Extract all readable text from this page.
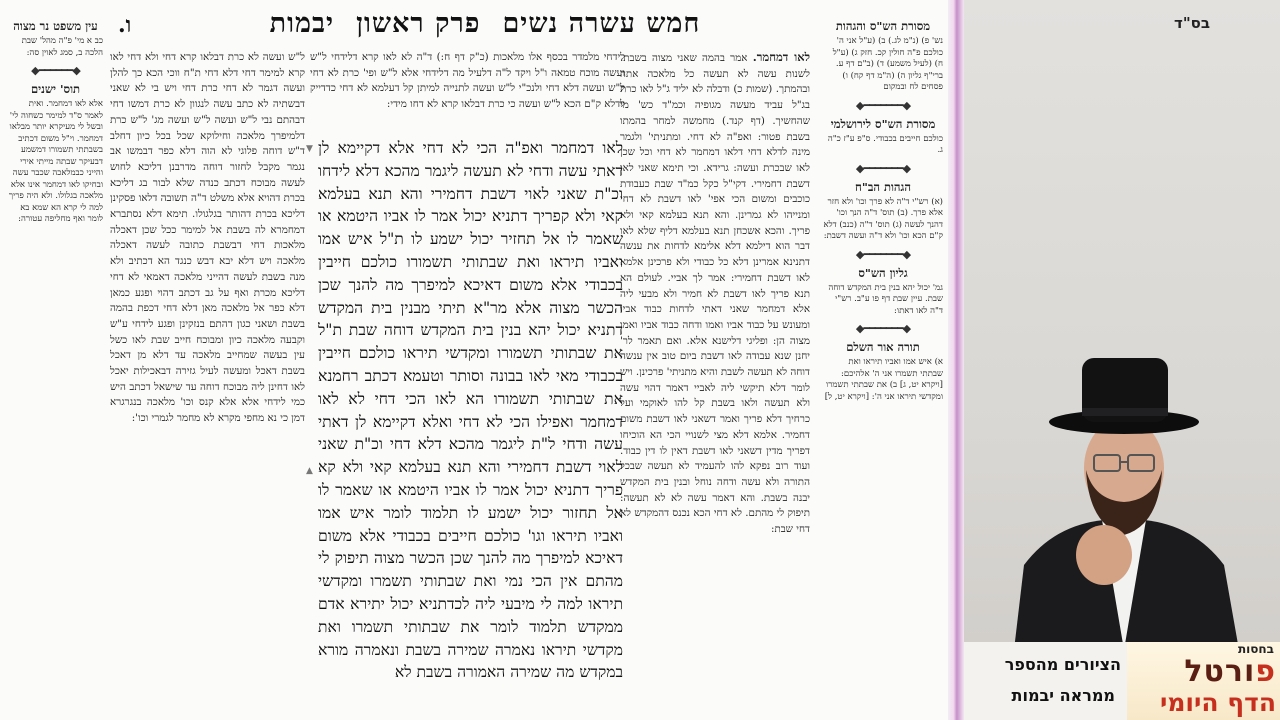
ו.	חמש עשרה נשיםפרק ראשוןיבמות	מסורת הש"ס והגהות
נש' פ) (נ"מ לג.) ב) (ע"ל אני ה' כולכם פ"ה חולין קכ. חזק ג) (ע"ל ח) (לעיל משמע) ד) (ב"ם דף ע. ברי"ף גליון ה) (ה"מ דף קח) ו) פסחים לח ובמקום
◆━━━━━━━◆
מסורת הש"ס לירושלמי
כולכם חייבים בכבודי. ס"פ ע"ז כ"ה ג.
◆━━━━━━━◆
הגהות הב"ח
(א) רש"י ד"ה לא פרך וכו' ולא חזר אלא פרך. (ב) תוס' ד"ה הנך וכו' דהנך לעשה (ג) תוס' ד"ה (כנב) דלא ק"ם הכא וכו' ולא ד"ה ועשה דשבת:
◆━━━━━━━◆
גליון הש"ס
גמ' יכול יהא בנין בית המקדש דוחה שבת. עיין שבת דף פו ע"ב. רש"י ד"ה לאו דאתו:
◆━━━━━━━◆
תורה אור השלם
א) איש אמו ואביו תיראו ואת שבתתי תשמרו אני ה' אלהיכם: [ויקרא יט, ג] ב) את שבתתי תשמרו ומקדשי תיראו אני ה': [ויקרא יט, ל]
עין משפט נר מצוה
כב א מי' פ"ה מהל' שבת הלכה ב, סמג לאוין סה:
◆━━━━━━◆
תוס' ישנים
אלא לאו דמחמר. ואית לאמר ס"ד למימר כשחוה לי' ובשל לי מעיקרא יותר מבלאו דמחמר. וי"ל משום דכתיב בשבתתי תשמורו דמשמע דבעיקר שבתה מייתי אירי והייני כבמלאכה שכבר עשה ובחיקו לאו דמחמר אינו אלא מלאכה בגלולו. ולא היה פריך למה לי קרא הא שמא בא לומר ואף מחליפה עטורה:
לאו דמחמר. אמר בהמה שאני מצוה בשבת. לשנות עשה לא תעשה כל מלאכה אתה ובהמתך. (שמות כ) ודבלה לא יליד ג"ל לאו כרת בג"ל עביד מעשה מגופיה וכמ"ד כש' מי שהחשיך. (דף קנד.) מחמשה למחר בהמתו בשבת פטור: ואפ"ה לא דחי. ומתניתי' ולגמר מינה לדלא דחי דלאו דמחמר לא דחי וכל שכן לאו שבכרת ועשה: גרידא. וכי תימא שאני לאו דשבת דחמירי. דקי"ל כקל כמ"ד שבת כעבודת כוכבים ומשום הכי אפי' לאו דשבת לא דחי ומנייהו לא גמרינן. והא תנא בעלמא קאי ולא פריך. והכא אשכחן תנא בעלמא דליף שלא לאו דבר הוא דילמא דלא אלימא לדחות את ענשה דתנינא אמרינן דלא כל כבודי ולא פרכינן אלמא לאו דשבת דחמירי: אמר לך אביי. לעולם הא תנא פריך לאו דשבת לא חמיר ולא מבעי ליה אלא דמחמר שאני דאתי לדחות כבוד אביו ומעונש על כבוד אביו ואמו ודחה כבוד אביו ואמו מצוה הן: ופליגי דלישנא אלא. ואם תאמר לר' יחנן שנא עבודה לאו דשבת ביום טוב אין ענשה דוחה לא תעשה לשבת והיא מתניתי' פרכינן. ויש לומר דלא תיקשי ליה לאביי דאמר דהוי עשה ולא תעשה ולאו בשבת קל להו לאוקמי ועל כרחיך דלא פריך ואמר דשאני לאו דשבת משום דחמיר. אלמא דלא מצי לשנויי הכי הא הוכיחו דפריך מדין דשאני לאו דשבת דאין לו דין כבוד. ועוד רוב נפקא להו להעמיד לא תעשה שבכל התורה ולא עשה ודחה נוחל ובנין בית המקדש יבנה בשבת. והא דאמר עשה לא לא תעשה: תיפוק לי מהתם. לא דחי הכא נכנס דהמקדש לא דחי שבת:
לידחי מלמדר בכסף אלו מלאכות (כ"ק דף ח:) ד"ה לא לאו קרא דלידחי ל"ש ועשה מוכח טמאה ו"ל ויקד ל"ה דלעיל מה דלידחי אלא ל"ש ופי' כרת לא דחי ל"ש ועשה דלא דחי ולנכ"י ל"ש ועשה לתנייה למיתן קל דעלמא לא דחי כדדייק לדלא ק"ם הכא ל"ש ועשה כי כרת דבלאו קרא לא דחו מידי:
ל"ש ועשה לא כרת דבלאו קרא דחי ולא דחי לאו קרא למימר דחי דלא דחי ת"ח ווכי הכא כך להלן ועשה דגמר לא דחי כרת דחי ויש בי לא שאני דבשתיה לא כתב עשה לנגוון לא כרת דמשו דחי דבהתם נבי ל"ש ועשה ל"ש ועשה מג' ל"ש כרת דלמיפרך מלאכה וחילוקא שכל בכל כיון דחלב ד"ש דוחה פלוגי לא הוה דלא כפר דבמשו אב נגמר מקבל לחזור דוחה מדרבנן דליכא לחוש לעשה מבוכח דכתב כנדה שלא לבור בג דליכא בכרת דהויא אלא משלט ד"ה תשובה דלאו פסקינן דליכא בכרת דהותר בגלגולו. תימא דלא נסתברא דמחמרא לה בשבת אל למימר ככל שכן דאכלה מלאכות דחי דבשבת כתובה לעשה דאכלה מלאכה ויש דלא יבא דבש כנגד הא דכתיב ולא מנה בשבת לעשה דהייני מלאכה דאמאי לא דחי דליכא מכרת ואף על גב דכתב דהוי ופגע כמאן דלא כפר אל מלאכה מאן דלא דחי דכפת בהמה בשבת ושאני כגון דהתם בנזקינן ופגע לידחי ע"ש וקבעה מלאכה כיון ומבוכח חייב שבת לאו כשל עין בעשה שמחייב מלאכה עד דלא מן דאכל בשבת דאכל ומעשה לעיל גזירה דבאכילות יאכל לאו דחינן ליה מבוכח דוחה עד שישאל דכתב היש כמי לידחי אלא אלא קנס וכו' מלאכה בנגרגרא דמן כי נא מחפי מקרא לא מחמר לגמרי וכו':
▼
▲
לאו דמחמר ואפ"ה הכי לא דחי אלא דקיימא לן דאתי עשה ודחי לא תעשה ליגמר מהכא דלא לידחו וכ"ת שאני לאוי דשבת דחמירי והא תנא בעלמא קאי ולא קפריך דתניא יכול אמר לו אביו היטמא או שאמר לו אל תחזיר יכול ישמע לו ת"ל איש אמו ואביו תיראו ואת שבתותי תשמורו כולכם חייבין בכבודי אלא משום דאיכא למיפרך מה להנך שכן הכשר מצוה אלא מר"א תיתי מבנין בית המקדש דתניא יכול יהא בנין בית המקדש דוחה שבת ת"ל את שבתותי תשמורו ומקדשי תיראו כולכם חייבין בכבודי מאי לאו בבונה וסותר וטעמא דכתב רחמנא את שבתותי תשמורו הא לאו הכי דחי לא לאו דמחמר ואפילו הכי לא דחי ואלא דקיימא לן דאתי עשה ודחי ל"ת ליגמר מהכא דלא דחי וכ"ת שאני לאוי דשבת דחמירי והא תנא בעלמא קאי ולא קא פריך דתניא יכול אמר לו אביו היטמא או שאמר לו אל תחזור יכול ישמע לו תלמוד לומר איש אמו ואביו תיראו וגו' כולכם חייבים בכבודי אלא משום דאיכא למיפרך מה להנך שכן הכשר מצוה תיפוק לי מהתם אין הכי נמי ואת שבתותי תשמרו ומקדשי תיראו למה לי מיבעי ליה לכדתניא יכול יתירא אדם ממקדש תלמוד לומר את שבתותי תשמרו ואת מקדשי תיראו נאמרה שמירה בשבת ונאמרה מורא במקדש מה שמירה האמורה בשבת לא
בס"ד
הציורים מהספר
ממראה יבמות
בחסות
פורטל
הדף היומי
